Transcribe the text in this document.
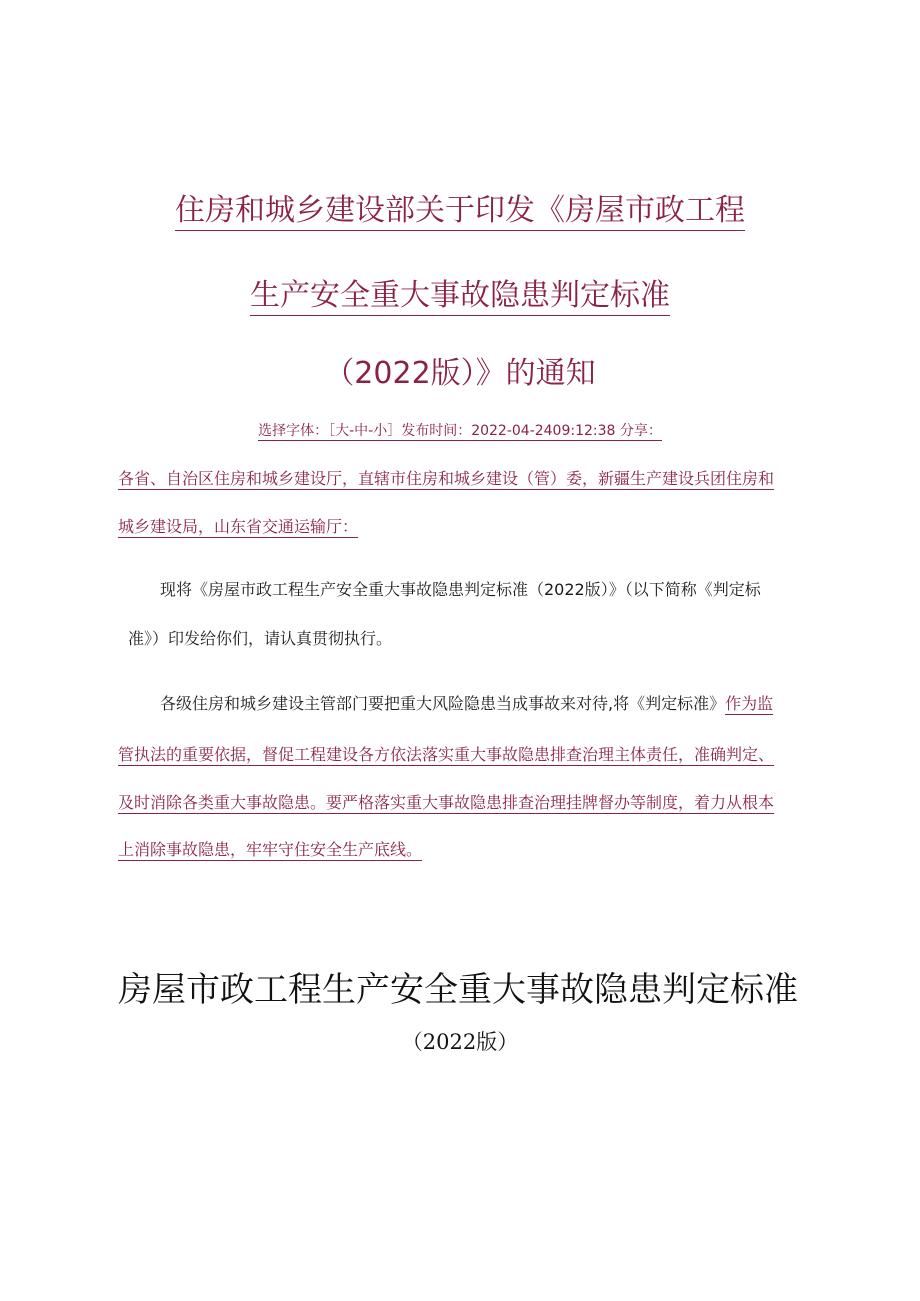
住房和城乡建设部关于印发《房屋市政工程
生产安全重大事故隐患判定标准
（2022版）》的通知
选择字体：［大-中-小］发布时间：2022-04-2409:12:38 分享：
各省、自治区住房和城乡建设厅，直辖市住房和城乡建设（管）委，新疆生产建设兵团住房和
城乡建设局，山东省交通运输厅：
现将《房屋市政工程生产安全重大事故隐患判定标准（2022版）》（以下简称《判定标
准》）印发给你们，请认真贯彻执行。
各级住房和城乡建设主管部门要把重大风险隐患当成事故来对待,将《判定标准》作为监
管执法的重要依据，督促工程建设各方依法落实重大事故隐患排查治理主体责任，准确判定、
及时消除各类重大事故隐患。要严格落实重大事故隐患排查治理挂牌督办等制度，着力从根本
上消除事故隐患，牢牢守住安全生产底线。
房屋市政工程生产安全重大事故隐患判定标准
（2022版）
